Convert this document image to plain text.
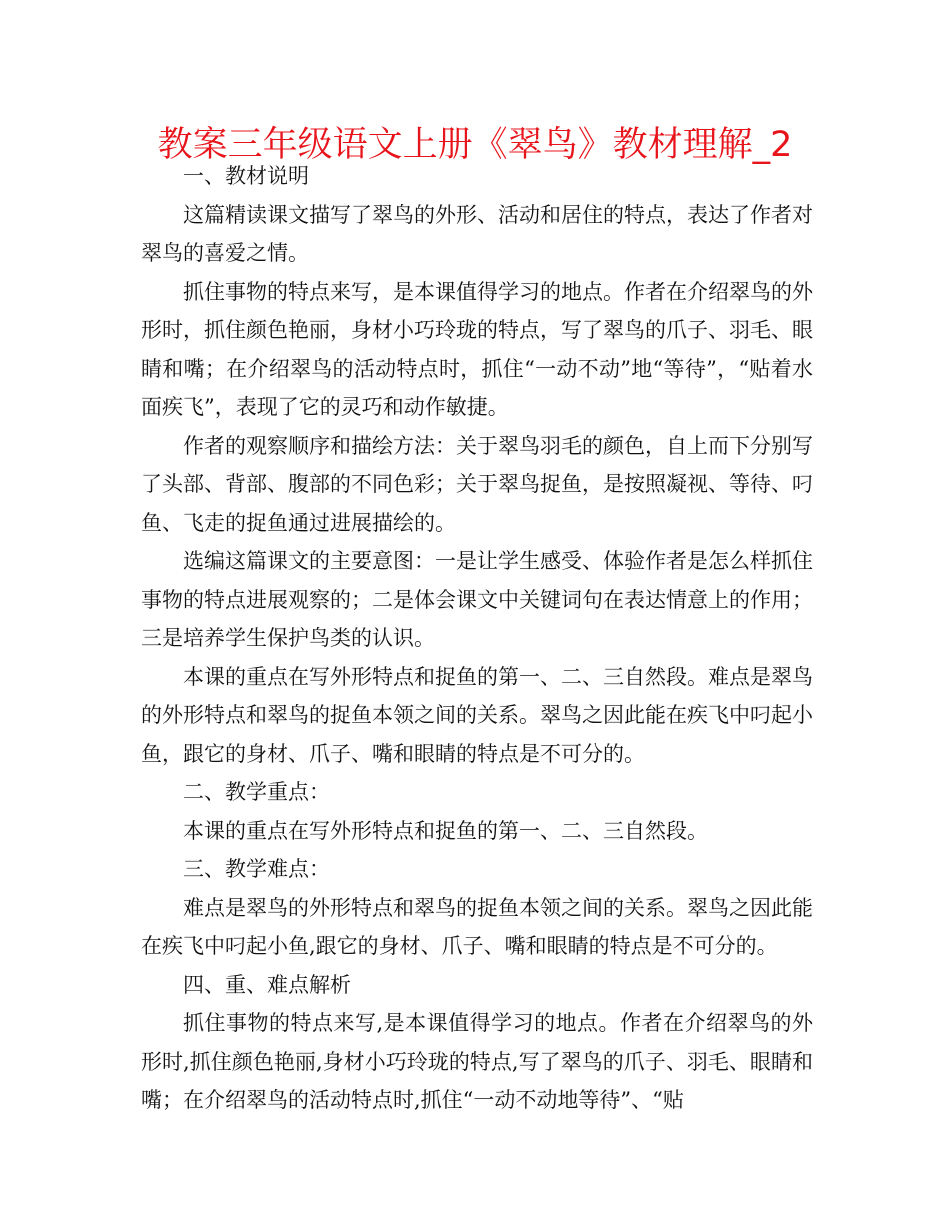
教案三年级语文上册《翠鸟》教材理解_2

一、教材说明

这篇精读课文描写了翠鸟的外形、活动和居住的特点，表达了作者对翠鸟的喜爱之情。

抓住事物的特点来写，是本课值得学习的地点。作者在介绍翠鸟的外形时，抓住颜色艳丽，身材小巧玲珑的特点，写了翠鸟的爪子、羽毛、眼睛和嘴；在介绍翠鸟的活动特点时，抓住“一动不动”地“等待”，“贴着水面疾飞”，表现了它的灵巧和动作敏捷。

作者的观察顺序和描绘方法：关于翠鸟羽毛的颜色，自上而下分别写了头部、背部、腹部的不同色彩；关于翠鸟捉鱼，是按照凝视、等待、叼鱼、飞走的捉鱼通过进展描绘的。

选编这篇课文的主要意图：一是让学生感受、体验作者是怎么样抓住事物的特点进展观察的；二是体会课文中关键词句在表达情意上的作用；三是培养学生保护鸟类的认识。

本课的重点在写外形特点和捉鱼的第一、二、三自然段。难点是翠鸟的外形特点和翠鸟的捉鱼本领之间的关系。翠鸟之因此能在疾飞中叼起小鱼，跟它的身材、爪子、嘴和眼睛的特点是不可分的。

二、教学重点：

本课的重点在写外形特点和捉鱼的第一、二、三自然段。

三、教学难点：

难点是翠鸟的外形特点和翠鸟的捉鱼本领之间的关系。翠鸟之因此能在疾飞中叼起小鱼,跟它的身材、爪子、嘴和眼睛的特点是不可分的。

四、重、难点解析

抓住事物的特点来写,是本课值得学习的地点。作者在介绍翠鸟的外形时,抓住颜色艳丽,身材小巧玲珑的特点,写了翠鸟的爪子、羽毛、眼睛和嘴；在介绍翠鸟的活动特点时,抓住“一动不动地等待”、“贴
